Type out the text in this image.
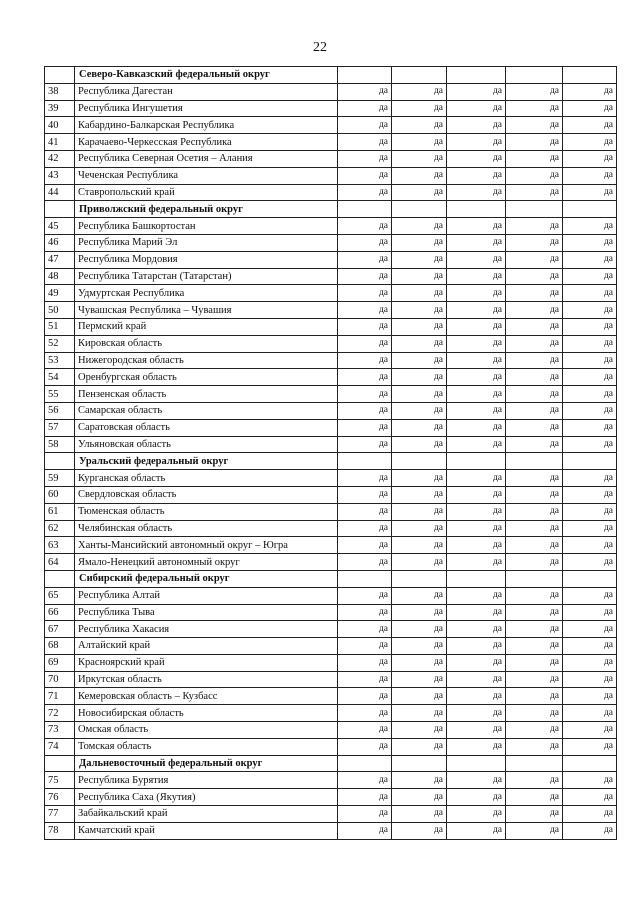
22
	Северо-Кавказский федеральный округ					
38	Республика Дагестан	да	да	да	да	да
39	Республика Ингушетия	да	да	да	да	да
40	Кабардино-Балкарская Республика	да	да	да	да	да
41	Карачаево-Черкесская Республика	да	да	да	да	да
42	Республика Северная Осетия – Алания	да	да	да	да	да
43	Чеченская Республика	да	да	да	да	да
44	Ставропольский край	да	да	да	да	да
	Приволжский федеральный округ					
45	Республика Башкортостан	да	да	да	да	да
46	Республика Марий Эл	да	да	да	да	да
47	Республика Мордовия	да	да	да	да	да
48	Республика Татарстан (Татарстан)	да	да	да	да	да
49	Удмуртская Республика	да	да	да	да	да
50	Чувашская Республика – Чувашия	да	да	да	да	да
51	Пермский край	да	да	да	да	да
52	Кировская область	да	да	да	да	да
53	Нижегородская область	да	да	да	да	да
54	Оренбургская область	да	да	да	да	да
55	Пензенская область	да	да	да	да	да
56	Самарская область	да	да	да	да	да
57	Саратовская область	да	да	да	да	да
58	Ульяновская область	да	да	да	да	да
	Уральский федеральный округ					
59	Курганская область	да	да	да	да	да
60	Свердловская область	да	да	да	да	да
61	Тюменская область	да	да	да	да	да
62	Челябинская область	да	да	да	да	да
63	Ханты-Мансийский автономный округ – Югра	да	да	да	да	да
64	Ямало-Ненецкий автономный округ	да	да	да	да	да
	Сибирский федеральный округ					
65	Республика Алтай	да	да	да	да	да
66	Республика Тыва	да	да	да	да	да
67	Республика Хакасия	да	да	да	да	да
68	Алтайский край	да	да	да	да	да
69	Красноярский край	да	да	да	да	да
70	Иркутская область	да	да	да	да	да
71	Кемеровская область – Кузбасс	да	да	да	да	да
72	Новосибирская область	да	да	да	да	да
73	Омская область	да	да	да	да	да
74	Томская область	да	да	да	да	да
	Дальневосточный федеральный округ					
75	Республика Бурятия	да	да	да	да	да
76	Республика Саха (Якутия)	да	да	да	да	да
77	Забайкальский край	да	да	да	да	да
78	Камчатский край	да	да	да	да	да
